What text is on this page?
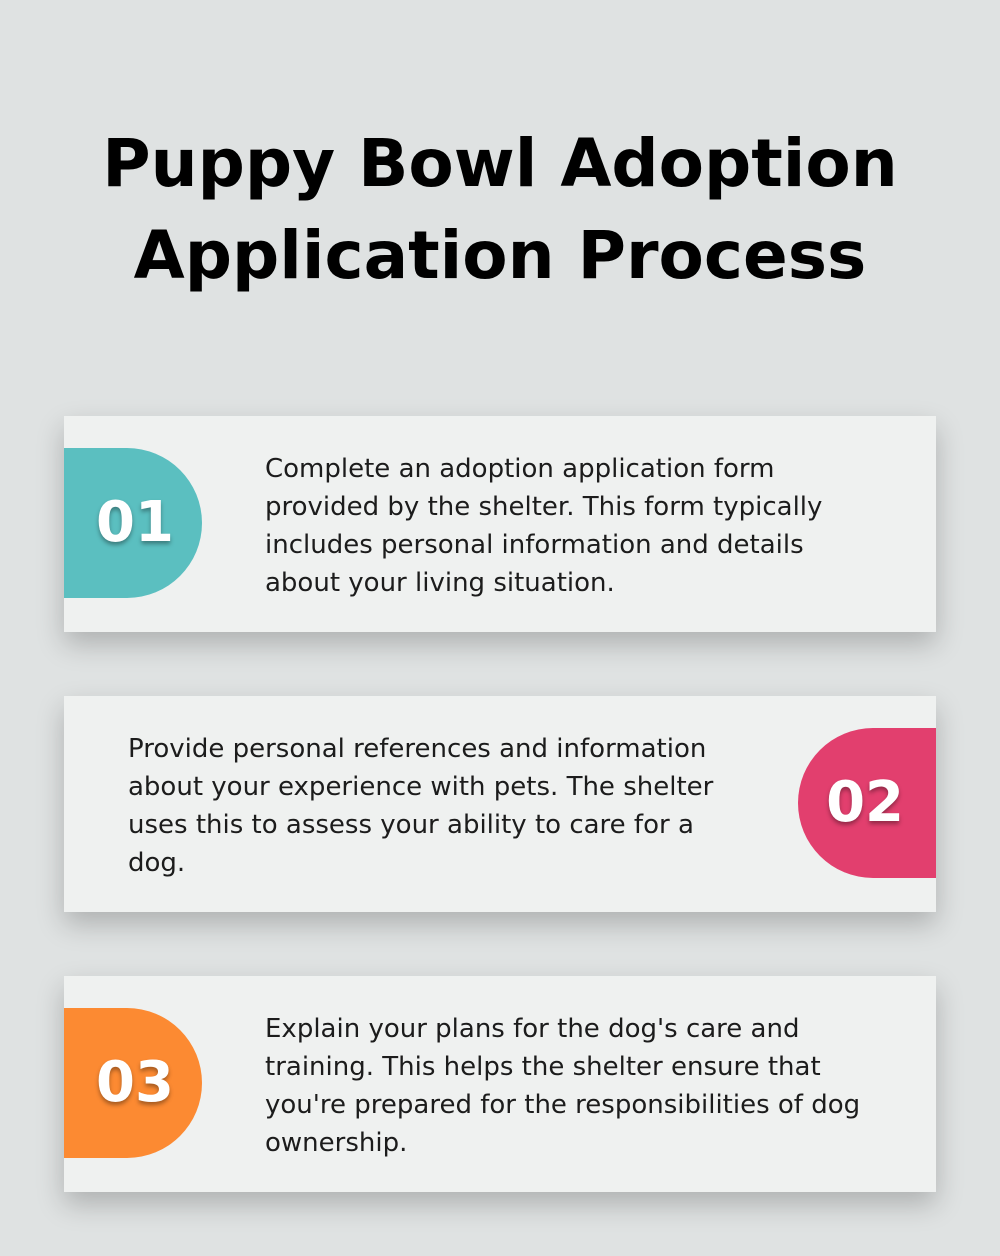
Puppy Bowl Adoption
Application Process
01

Complete an adoption application form provided by the shelter. This form typically includes personal information and details about your living situation.

Provide personal references and information about your experience with pets. The shelter uses this to assess your ability to care for a dog.

02
03

Explain your plans for the dog's care and training. This helps the shelter ensure that you're prepared for the responsibilities of dog ownership.
